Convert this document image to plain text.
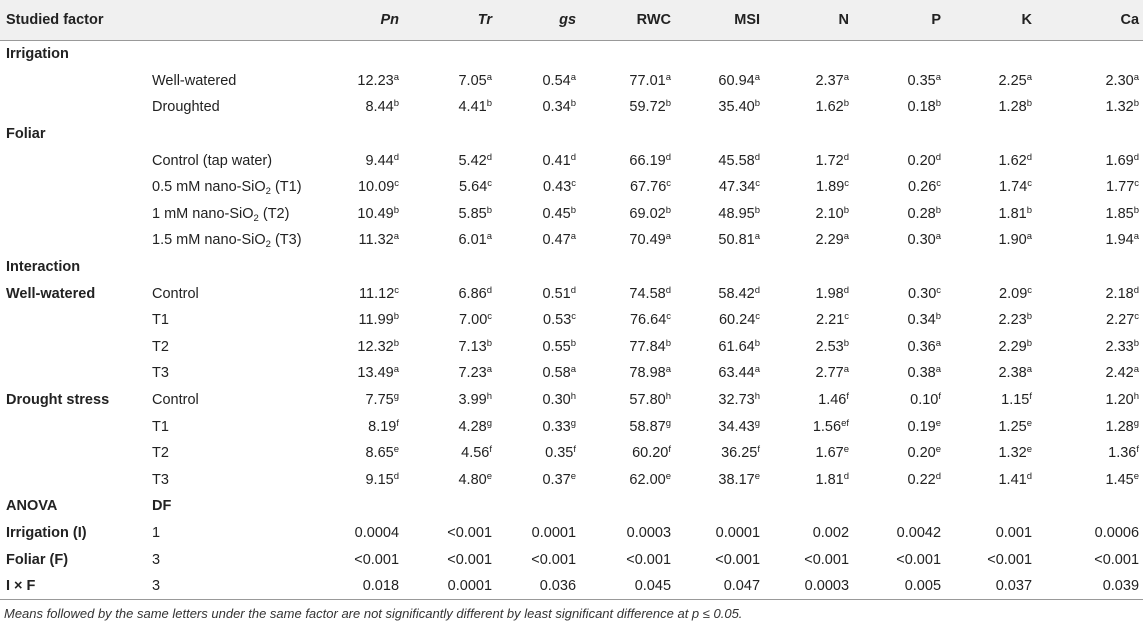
Studied factor		Pn	Tr	gs	RWC	MSI	N	P	K	Ca
Irrigation										
	Well-watered	12.23$^a$	7.05$^a$	0.54$^a$	77.01$^a$	60.94$^a$	2.37$^a$	0.35$^a$	2.25$^a$	2.30$^a$
	Droughted	8.44$^b$	4.41$^b$	0.34$^b$	59.72$^b$	35.40$^b$	1.62$^b$	0.18$^b$	1.28$^b$	1.32$^b$
Foliar										
	Control (tap water)	9.44$^d$	5.42$^d$	0.41$^d$	66.19$^d$	45.58$^d$	1.72$^d$	0.20$^d$	1.62$^d$	1.69$^d$
	0.5 mM nano-SiO$_2$ (T1)	10.09$^c$	5.64$^c$	0.43$^c$	67.76$^c$	47.34$^c$	1.89$^c$	0.26$^c$	1.74$^c$	1.77$^c$
	1 mM nano-SiO$_2$ (T2)	10.49$^b$	5.85$^b$	0.45$^b$	69.02$^b$	48.95$^b$	2.10$^b$	0.28$^b$	1.81$^b$	1.85$^b$
	1.5 mM nano-SiO$_2$ (T3)	11.32$^a$	6.01$^a$	0.47$^a$	70.49$^a$	50.81$^a$	2.29$^a$	0.30$^a$	1.90$^a$	1.94$^a$
Interaction										
Well-watered	Control	11.12$^c$	6.86$^d$	0.51$^d$	74.58$^d$	58.42$^d$	1.98$^d$	0.30$^c$	2.09$^c$	2.18$^d$
	T1	11.99$^b$	7.00$^c$	0.53$^c$	76.64$^c$	60.24$^c$	2.21$^c$	0.34$^b$	2.23$^b$	2.27$^c$
	T2	12.32$^b$	7.13$^b$	0.55$^b$	77.84$^b$	61.64$^b$	2.53$^b$	0.36$^a$	2.29$^b$	2.33$^b$
	T3	13.49$^a$	7.23$^a$	0.58$^a$	78.98$^a$	63.44$^a$	2.77$^a$	0.38$^a$	2.38$^a$	2.42$^a$
Drought stress	Control	7.75$^g$	3.99$^h$	0.30$^h$	57.80$^h$	32.73$^h$	1.46$^f$	0.10$^f$	1.15$^f$	1.20$^h$
	T1	8.19$^f$	4.28$^g$	0.33$^g$	58.87$^g$	34.43$^g$	1.56$^{ef}$	0.19e	1.25e	1.28$^g$
	T2	8.65e	4.56$^f$	0.35$^f$	60.20$^f$	36.25$^f$	1.67e	0.20e	1.32e	1.36$^f$
	T3	9.15$^d$	4.80e	0.37e	62.00e	38.17e	1.81$^d$	0.22$^d$	1.41$^d$	1.45e
ANOVA	DF									
Irrigation (I)	1	0.0004	<0.001	0.0001	0.0003	0.0001	0.002	0.0042	0.001	0.0006
Foliar (F)	3	<0.001	<0.001	<0.001	<0.001	<0.001	<0.001	<0.001	<0.001	<0.001
I × F	3	0.018	0.0001	0.036	0.045	0.047	0.0003	0.005	0.037	0.039
Means followed by the same letters under the same factor are not significantly different by least significant difference at p ≤ 0.05.
